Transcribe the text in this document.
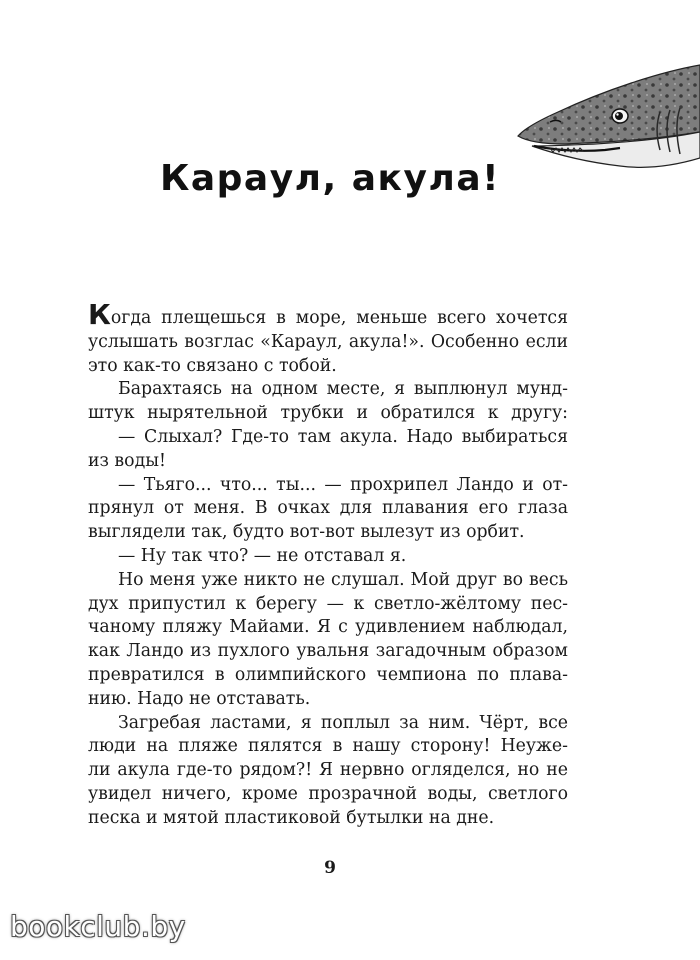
Караул, акула!
Когда плещешься в море, меньше всего хочется
услышать возглас «Караул, акула!». Особенно если
это как-то связано с тобой.
Барахтаясь на одном месте, я выплюнул мунд-
штук нырятельной трубки и обратился к другу:
— Слыхал? Где-то там акула. Надо выбираться
из воды!
— Тьяго... что... ты... — прохрипел Ландо и от-
прянул от меня. В очках для плавания его глаза
выглядели так, будто вот-вот вылезут из орбит.
— Ну так что? — не отставал я.
Но меня уже никто не слушал. Мой друг во весь
дух припустил к берегу — к светло-жёлтому пес-
чаному пляжу Майами. Я с удивлением наблюдал,
как Ландо из пухлого увальня загадочным образом
превратился в олимпийского чемпиона по плава-
нию. Надо не отставать.
Загребая ластами, я поплыл за ним. Чёрт, все
люди на пляже пялятся в нашу сторону! Неуже-
ли акула где-то рядом?! Я нервно огляделся, но не
увидел ничего, кроме прозрачной воды, светлого
песка и мятой пластиковой бутылки на дне.
9
bookclub.by
